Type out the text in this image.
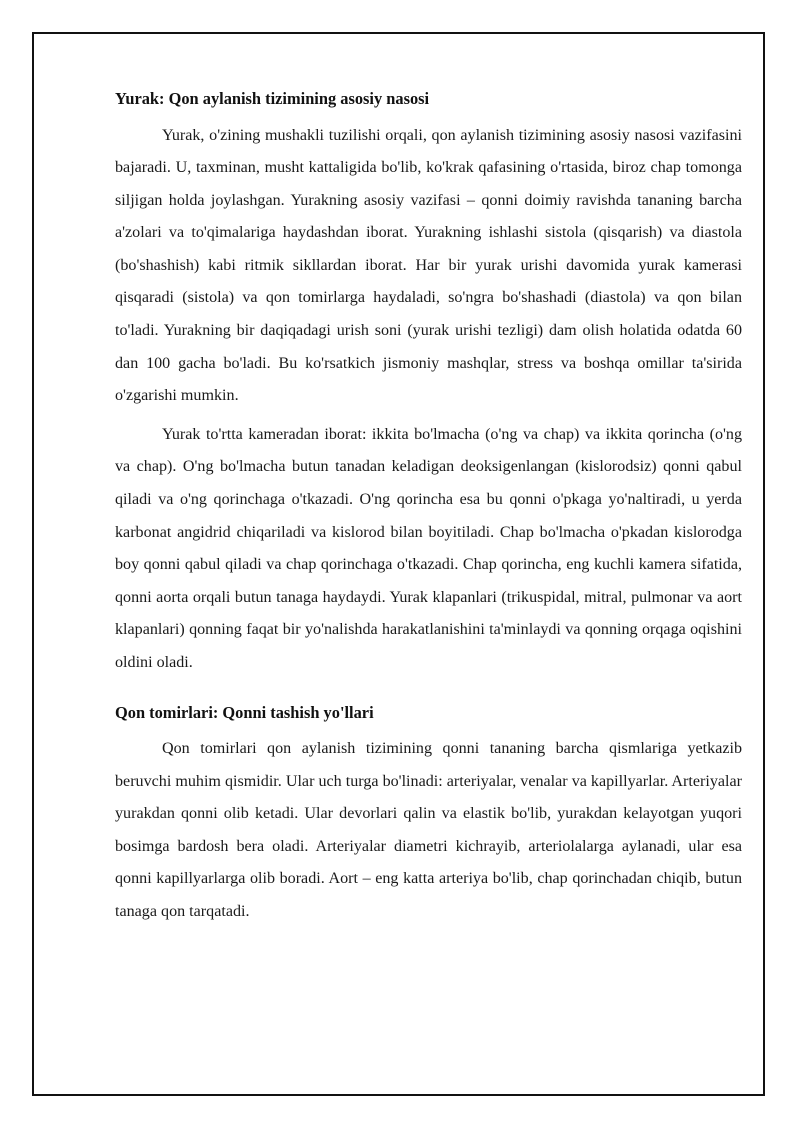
Yurak: Qon aylanish tizimining asosiy nasosi

Yurak, o'zining mushakli tuzilishi orqali, qon aylanish tizimining asosiy nasosi vazifasini bajaradi. U, taxminan, musht kattaligida bo'lib, ko'krak qafasining o'rtasida, biroz chap tomonga siljigan holda joylashgan. Yurakning asosiy vazifasi – qonni doimiy ravishda tananing barcha a'zolari va to'qimalariga haydashdan iborat. Yurakning ishlashi sistola (qisqarish) va diastola (bo'shashish) kabi ritmik sikllardan iborat. Har bir yurak urishi davomida yurak kamerasi qisqaradi (sistola) va qon tomirlarga haydaladi, so'ngra bo'shashadi (diastola) va qon bilan to'ladi. Yurakning bir daqiqadagi urish soni (yurak urishi tezligi) dam olish holatida odatda 60 dan 100 gacha bo'ladi. Bu ko'rsatkich jismoniy mashqlar, stress va boshqa omillar ta'sirida o'zgarishi mumkin.

Yurak to'rtta kameradan iborat: ikkita bo'lmacha (o'ng va chap) va ikkita qorincha (o'ng va chap). O'ng bo'lmacha butun tanadan keladigan deoksigenlangan (kislorodsiz) qonni qabul qiladi va o'ng qorinchaga o'tkazadi. O'ng qorincha esa bu qonni o'pkaga yo'naltiradi, u yerda karbonat angidrid chiqariladi va kislorod bilan boyitiladi. Chap bo'lmacha o'pkadan kislorodga boy qonni qabul qiladi va chap qorinchaga o'tkazadi. Chap qorincha, eng kuchli kamera sifatida, qonni aorta orqali butun tanaga haydaydi. Yurak klapanlari (trikuspidal, mitral, pulmonar va aort klapanlari) qonning faqat bir yo'nalishda harakatlanishini ta'minlaydi va qonning orqaga oqishini oldini oladi.

Qon tomirlari: Qonni tashish yo'llari

Qon tomirlari qon aylanish tizimining qonni tananing barcha qismlariga yetkazib beruvchi muhim qismidir. Ular uch turga bo'linadi: arteriyalar, venalar va kapillyarlar. Arteriyalar yurakdan qonni olib ketadi. Ular devorlari qalin va elastik bo'lib, yurakdan kelayotgan yuqori bosimga bardosh bera oladi. Arteriyalar diametri kichrayib, arteriolalarga aylanadi, ular esa qonni kapillyarlarga olib boradi. Aort – eng katta arteriya bo'lib, chap qorinchadan chiqib, butun tanaga qon tarqatadi.
